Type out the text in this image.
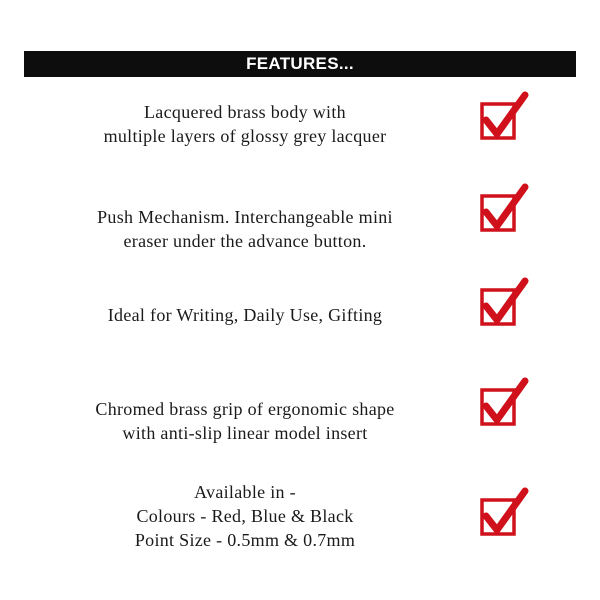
FEATURES...
Lacquered brass body with
multiple layers of glossy grey lacquer
Push Mechanism. Interchangeable mini
eraser under the advance button.
Ideal for Writing, Daily Use, Gifting
Chromed brass grip of ergonomic shape
with anti-slip linear model insert
Available in -
Colours - Red, Blue & Black
Point Size - 0.5mm & 0.7mm
